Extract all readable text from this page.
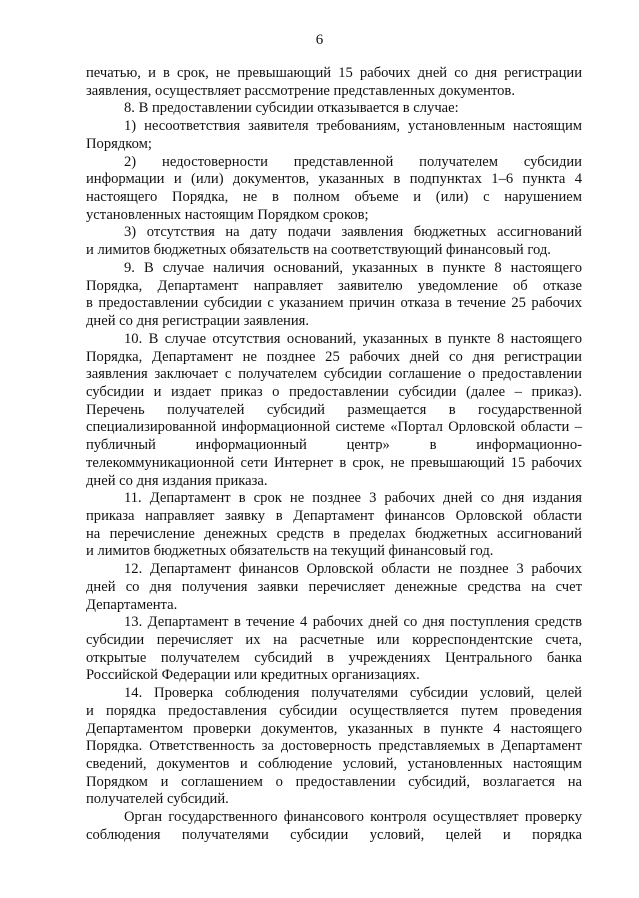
6
печатью, и в срок, не превышающий 15 рабочих дней со дня регистрации
заявления, осуществляет рассмотрение представленных документов.
8. В предоставлении субсидии отказывается в случае:
1) несоответствия заявителя требованиям, установленным настоящим
Порядком;
2) недостоверности представленной получателем субсидии
информации и (или) документов, указанных в подпунктах 1–6 пункта 4
настоящего Порядка, не в полном объеме и (или) с нарушением
установленных настоящим Порядком сроков;
3) отсутствия на дату подачи заявления бюджетных ассигнований
и лимитов бюджетных обязательств на соответствующий финансовый год.
9. В случае наличия оснований, указанных в пункте 8 настоящего
Порядка, Департамент направляет заявителю уведомление об отказе
в предоставлении субсидии с указанием причин отказа в течение 25 рабочих
дней со дня регистрации заявления.
10. В случае отсутствия оснований, указанных в пункте 8 настоящего
Порядка, Департамент не позднее 25 рабочих дней со дня регистрации
заявления заключает с получателем субсидии соглашение о предоставлении
субсидии и издает приказ о предоставлении субсидии (далее – приказ).
Перечень получателей субсидий размещается в государственной
специализированной информационной системе «Портал Орловской области –
публичный информационный центр» в информационно-
телекоммуникационной сети Интернет в срок, не превышающий 15 рабочих
дней со дня издания приказа.
11. Департамент в срок не позднее 3 рабочих дней со дня издания
приказа направляет заявку в Департамент финансов Орловской области
на перечисление денежных средств в пределах бюджетных ассигнований
и лимитов бюджетных обязательств на текущий финансовый год.
12. Департамент финансов Орловской области не позднее 3 рабочих
дней со дня получения заявки перечисляет денежные средства на счет
Департамента.
13. Департамент в течение 4 рабочих дней со дня поступления средств
субсидии перечисляет их на расчетные или корреспондентские счета,
открытые получателем субсидий в учреждениях Центрального банка
Российской Федерации или кредитных организациях.
14. Проверка соблюдения получателями субсидии условий, целей
и порядка предоставления субсидии осуществляется путем проведения
Департаментом проверки документов, указанных в пункте 4 настоящего
Порядка. Ответственность за достоверность представляемых в Департамент
сведений, документов и соблюдение условий, установленных настоящим
Порядком и соглашением о предоставлении субсидий, возлагается на
получателей субсидий.
Орган государственного финансового контроля осуществляет проверку
соблюдения получателями субсидии условий, целей и порядка
